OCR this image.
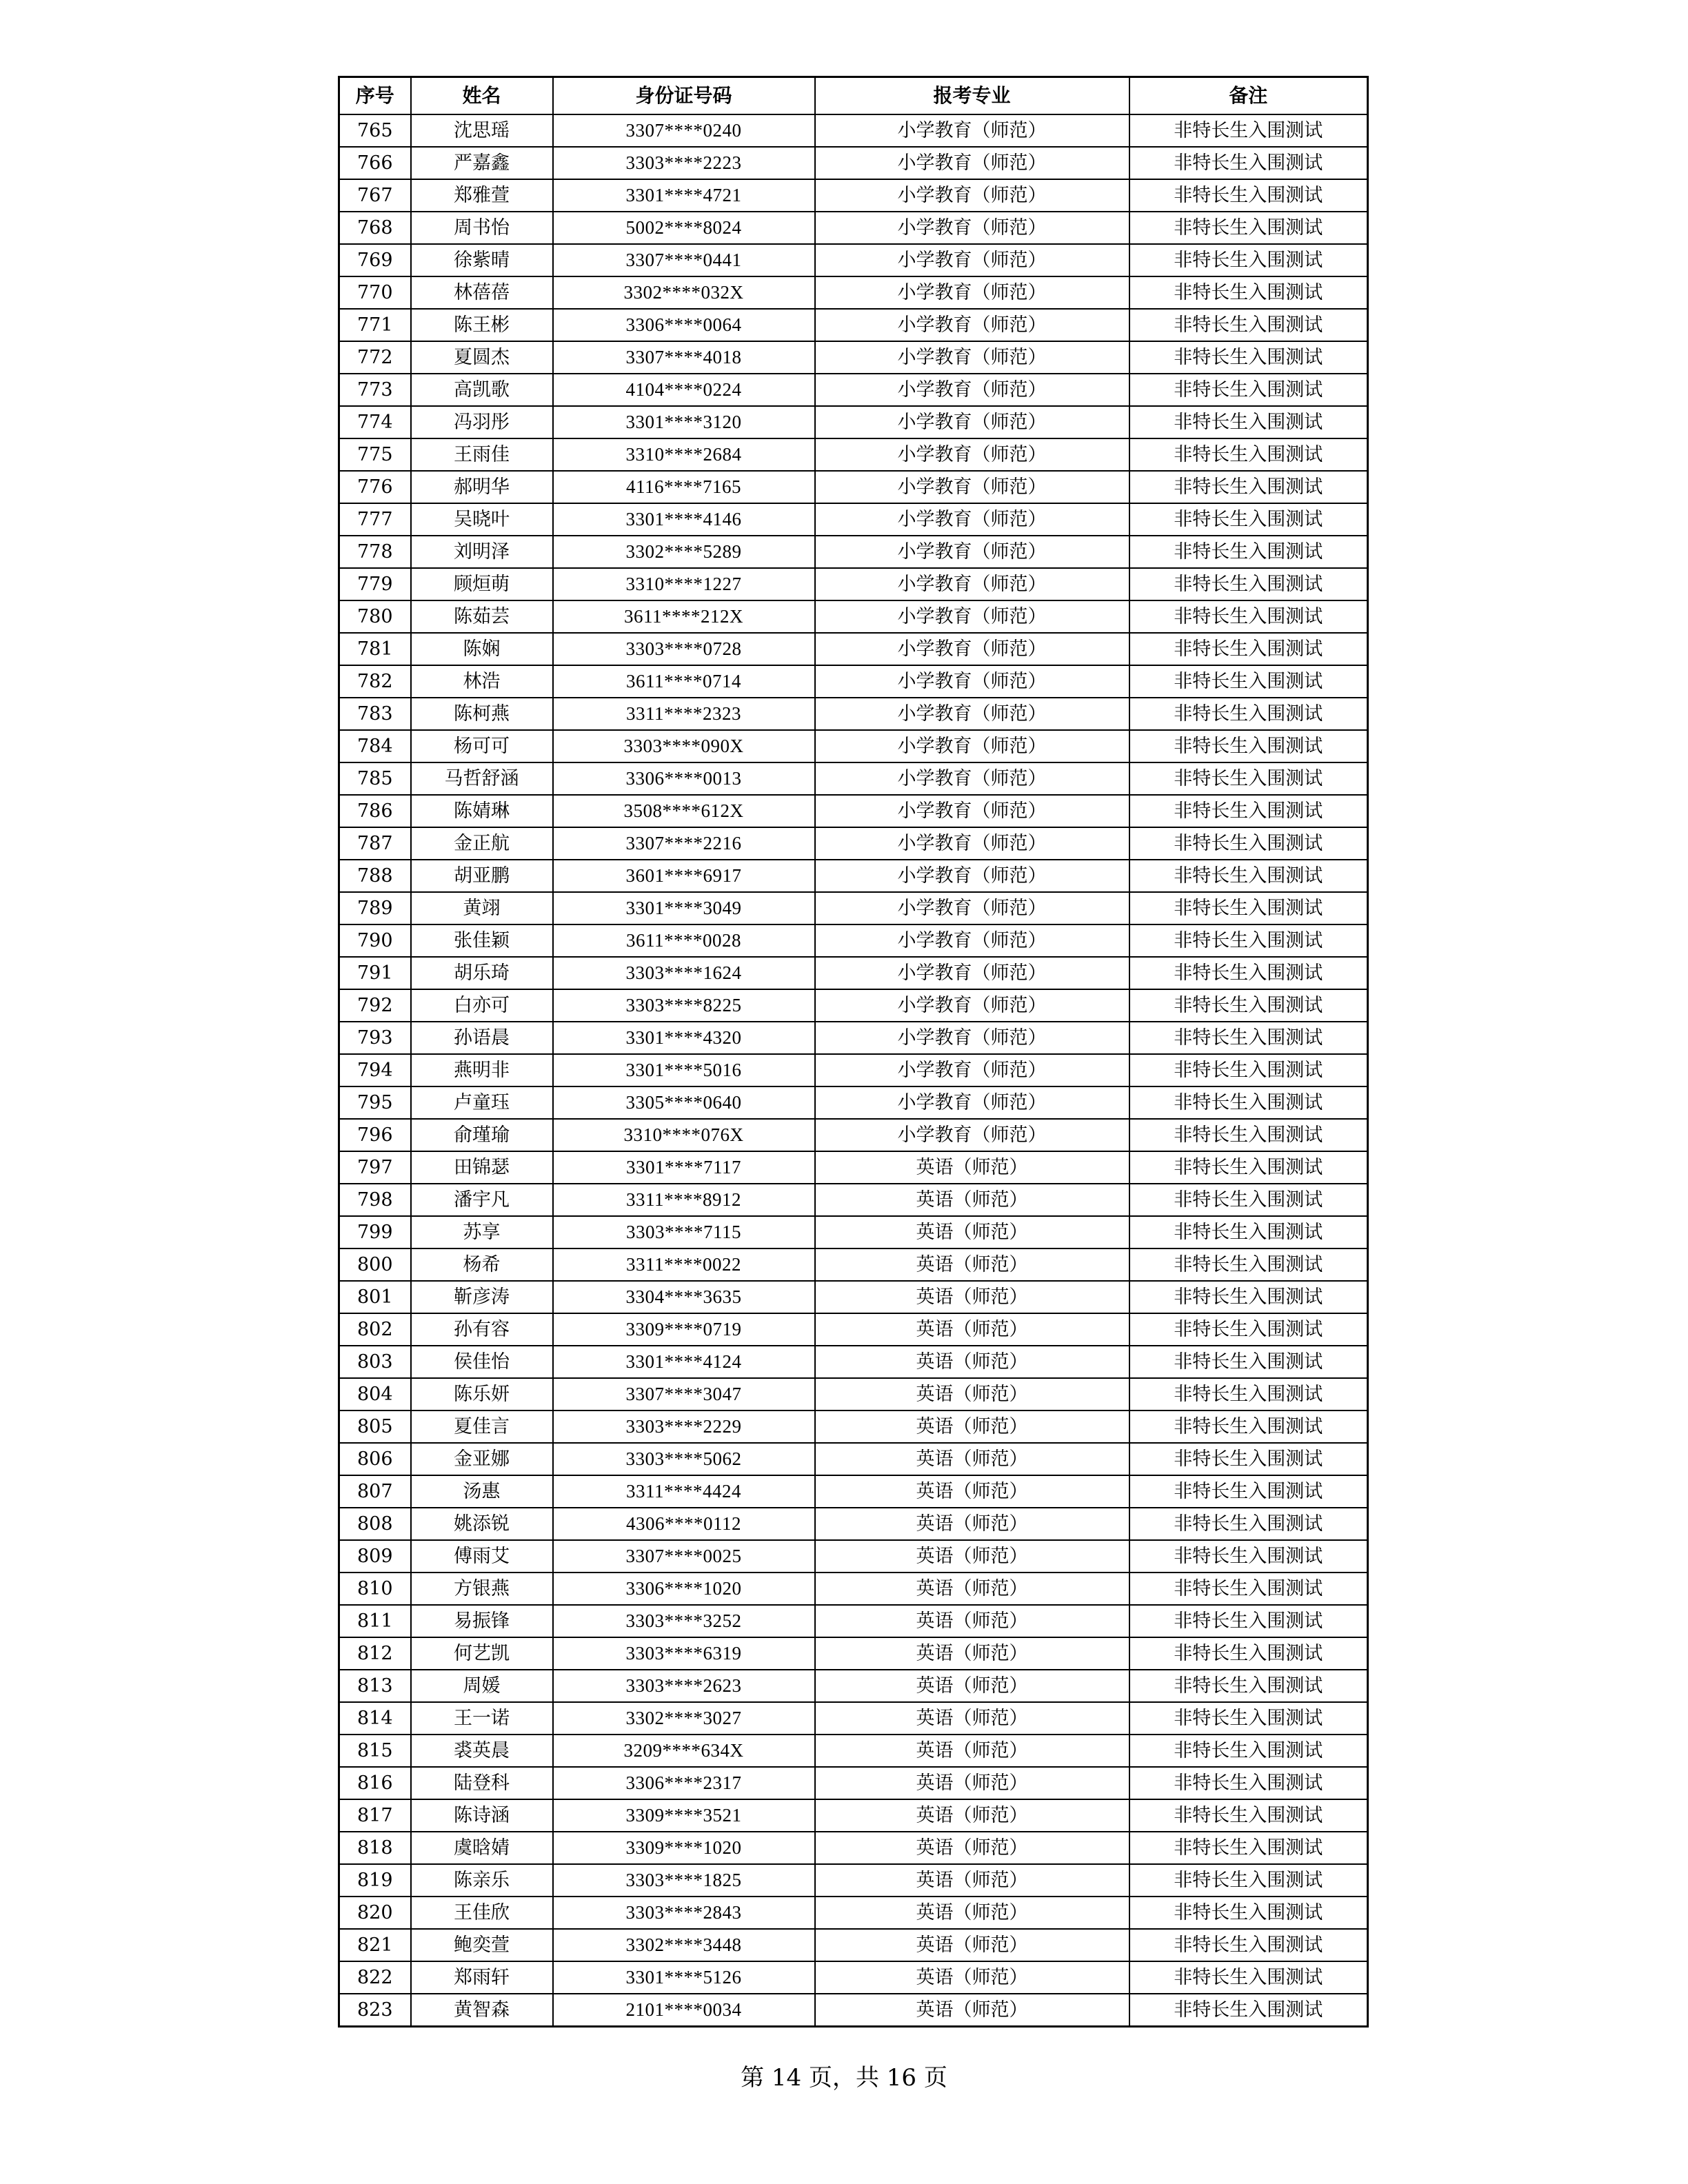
序号	姓名	身份证号码	报考专业	备注
765	沈思瑶	3307****0240	小学教育（师范）	非特长生入围测试
766	严嘉鑫	3303****2223	小学教育（师范）	非特长生入围测试
767	郑雅萱	3301****4721	小学教育（师范）	非特长生入围测试
768	周书怡	5002****8024	小学教育（师范）	非特长生入围测试
769	徐紫晴	3307****0441	小学教育（师范）	非特长生入围测试
770	林蓓蓓	3302****032X	小学教育（师范）	非特长生入围测试
771	陈王彬	3306****0064	小学教育（师范）	非特长生入围测试
772	夏圆杰	3307****4018	小学教育（师范）	非特长生入围测试
773	高凯歌	4104****0224	小学教育（师范）	非特长生入围测试
774	冯羽彤	3301****3120	小学教育（师范）	非特长生入围测试
775	王雨佳	3310****2684	小学教育（师范）	非特长生入围测试
776	郝明华	4116****7165	小学教育（师范）	非特长生入围测试
777	吴晓叶	3301****4146	小学教育（师范）	非特长生入围测试
778	刘明泽	3302****5289	小学教育（师范）	非特长生入围测试
779	顾烜萌	3310****1227	小学教育（师范）	非特长生入围测试
780	陈茹芸	3611****212X	小学教育（师范）	非特长生入围测试
781	陈娴	3303****0728	小学教育（师范）	非特长生入围测试
782	林浩	3611****0714	小学教育（师范）	非特长生入围测试
783	陈柯燕	3311****2323	小学教育（师范）	非特长生入围测试
784	杨可可	3303****090X	小学教育（师范）	非特长生入围测试
785	马哲舒涵	3306****0013	小学教育（师范）	非特长生入围测试
786	陈婧琳	3508****612X	小学教育（师范）	非特长生入围测试
787	金正航	3307****2216	小学教育（师范）	非特长生入围测试
788	胡亚鹏	3601****6917	小学教育（师范）	非特长生入围测试
789	黄翊	3301****3049	小学教育（师范）	非特长生入围测试
790	张佳颖	3611****0028	小学教育（师范）	非特长生入围测试
791	胡乐琦	3303****1624	小学教育（师范）	非特长生入围测试
792	白亦可	3303****8225	小学教育（师范）	非特长生入围测试
793	孙语晨	3301****4320	小学教育（师范）	非特长生入围测试
794	燕明非	3301****5016	小学教育（师范）	非特长生入围测试
795	卢童珏	3305****0640	小学教育（师范）	非特长生入围测试
796	俞瑾瑜	3310****076X	小学教育（师范）	非特长生入围测试
797	田锦瑟	3301****7117	英语（师范）	非特长生入围测试
798	潘宇凡	3311****8912	英语（师范）	非特长生入围测试
799	苏享	3303****7115	英语（师范）	非特长生入围测试
800	杨希	3311****0022	英语（师范）	非特长生入围测试
801	靳彦涛	3304****3635	英语（师范）	非特长生入围测试
802	孙有容	3309****0719	英语（师范）	非特长生入围测试
803	侯佳怡	3301****4124	英语（师范）	非特长生入围测试
804	陈乐妍	3307****3047	英语（师范）	非特长生入围测试
805	夏佳言	3303****2229	英语（师范）	非特长生入围测试
806	金亚娜	3303****5062	英语（师范）	非特长生入围测试
807	汤惠	3311****4424	英语（师范）	非特长生入围测试
808	姚添锐	4306****0112	英语（师范）	非特长生入围测试
809	傅雨艾	3307****0025	英语（师范）	非特长生入围测试
810	方银燕	3306****1020	英语（师范）	非特长生入围测试
811	易振锋	3303****3252	英语（师范）	非特长生入围测试
812	何艺凯	3303****6319	英语（师范）	非特长生入围测试
813	周媛	3303****2623	英语（师范）	非特长生入围测试
814	王一诺	3302****3027	英语（师范）	非特长生入围测试
815	裘英晨	3209****634X	英语（师范）	非特长生入围测试
816	陆登科	3306****2317	英语（师范）	非特长生入围测试
817	陈诗涵	3309****3521	英语（师范）	非特长生入围测试
818	虞晗婧	3309****1020	英语（师范）	非特长生入围测试
819	陈亲乐	3303****1825	英语（师范）	非特长生入围测试
820	王佳欣	3303****2843	英语（师范）	非特长生入围测试
821	鲍奕萱	3302****3448	英语（师范）	非特长生入围测试
822	郑雨轩	3301****5126	英语（师范）	非特长生入围测试
823	黄智森	2101****0034	英语（师范）	非特长生入围测试
第 14 页，共 16 页
